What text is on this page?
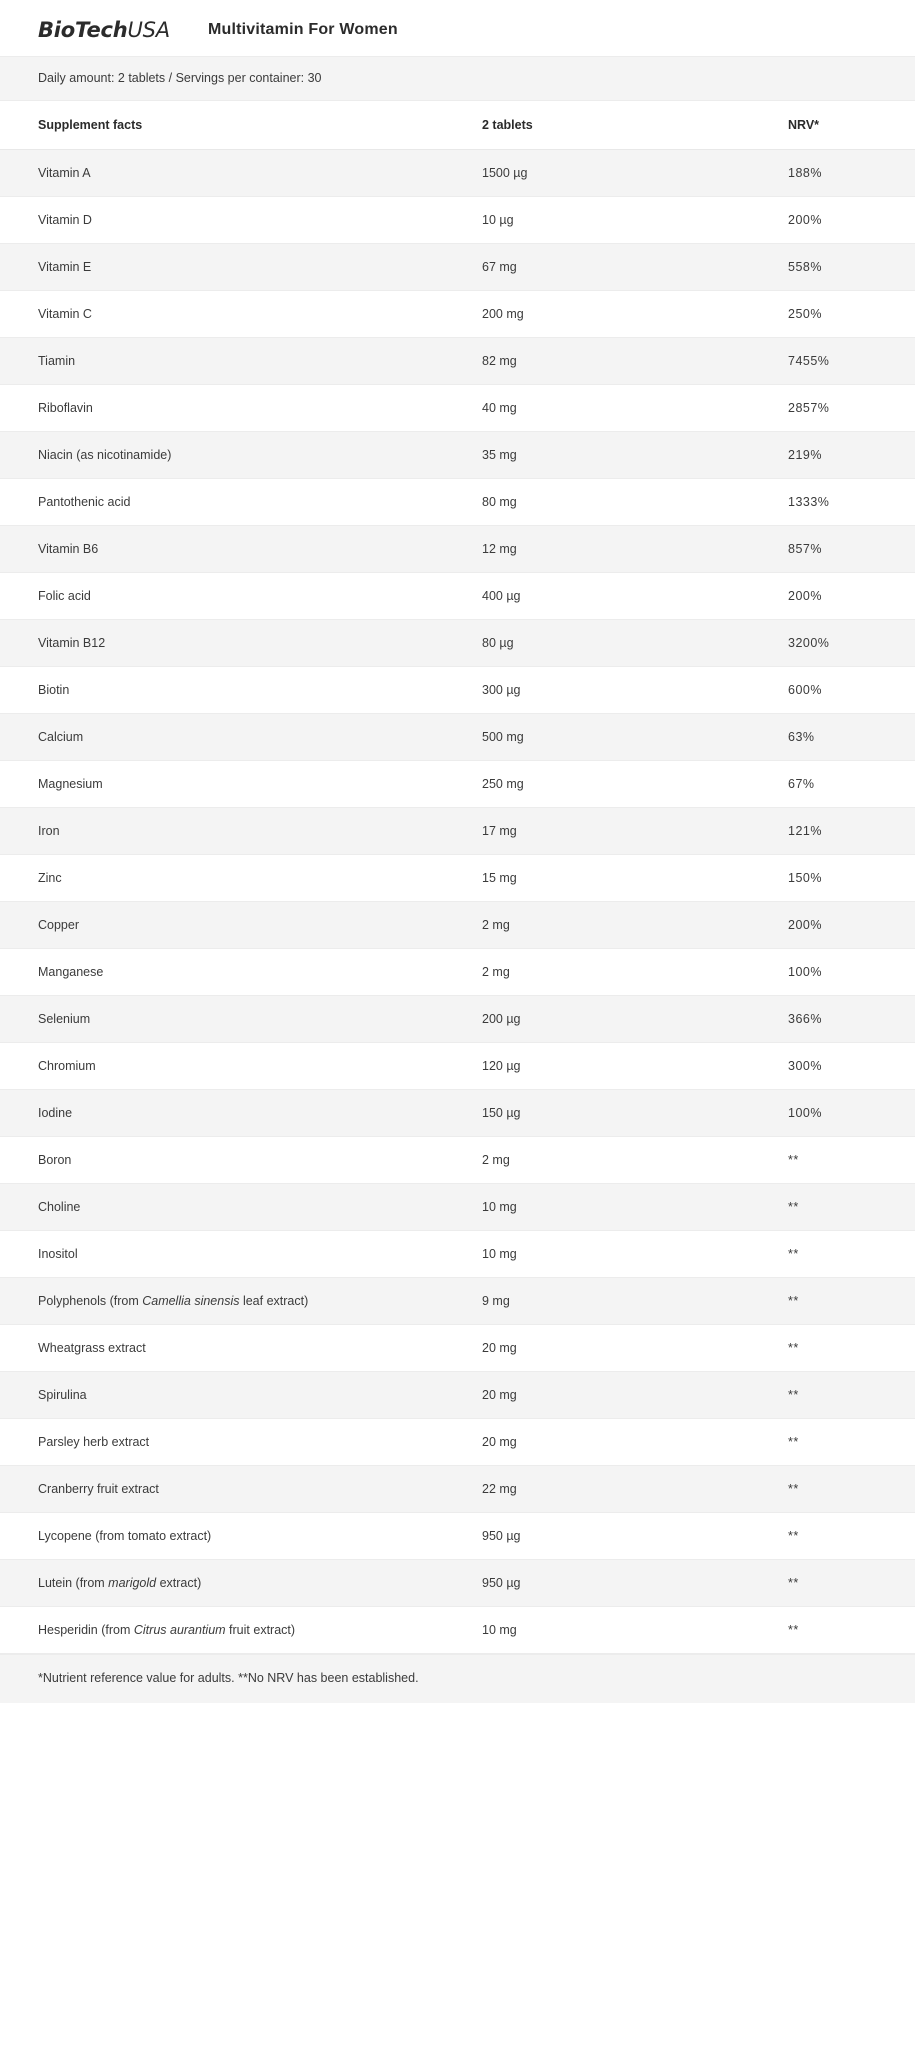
BioTechUSA Multivitamin For Women
Daily amount: 2 tablets / Servings per container: 30
Supplement facts	2 tablets	NRV*
Vitamin A	1500 µg	188%
Vitamin D	10 µg	200%
Vitamin E	67 mg	558%
Vitamin C	200 mg	250%
Tiamin	82 mg	7455%
Riboflavin	40 mg	2857%
Niacin (as nicotinamide)	35 mg	219%
Pantothenic acid	80 mg	1333%
Vitamin B6	12 mg	857%
Folic acid	400 µg	200%
Vitamin B12	80 µg	3200%
Biotin	300 µg	600%
Calcium	500 mg	63%
Magnesium	250 mg	67%
Iron	17 mg	121%
Zinc	15 mg	150%
Copper	2 mg	200%
Manganese	2 mg	100%
Selenium	200 µg	366%
Chromium	120 µg	300%
Iodine	150 µg	100%
Boron	2 mg	**
Choline	10 mg	**
Inositol	10 mg	**
Polyphenols (from Camellia sinensis leaf extract)	9 mg	**
Wheatgrass extract	20 mg	**
Spirulina	20 mg	**
Parsley herb extract	20 mg	**
Cranberry fruit extract	22 mg	**
Lycopene (from tomato extract)	950 µg	**
Lutein (from marigold extract)	950 µg	**
Hesperidin (from Citrus aurantium fruit extract)	10 mg	**
*Nutrient reference value for adults. **No NRV has been established.
